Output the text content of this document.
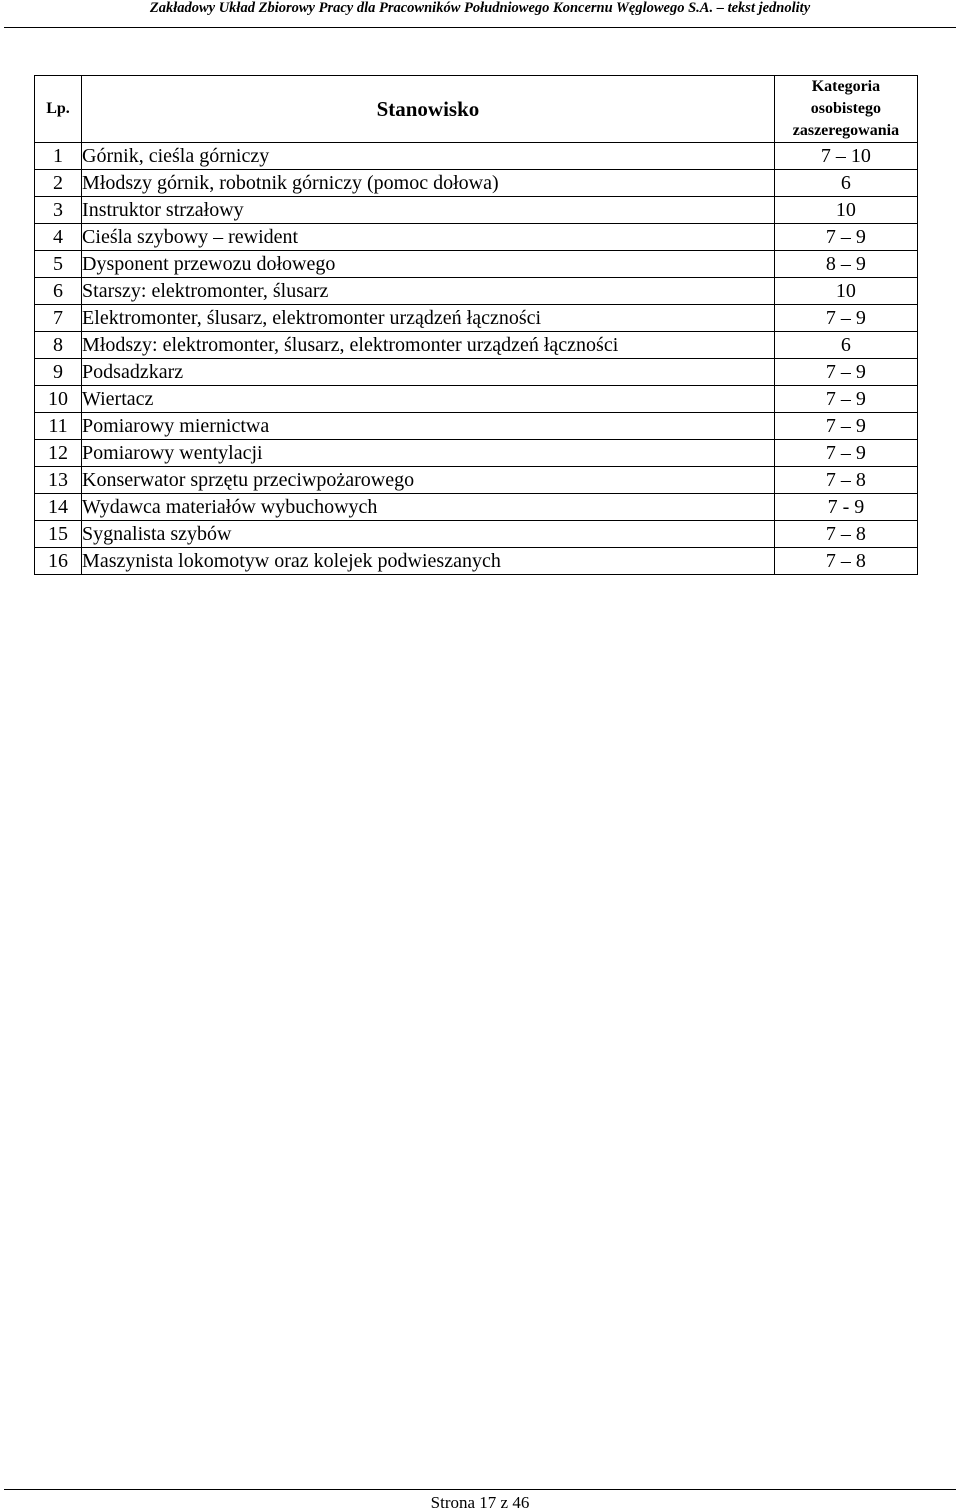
Zakładowy Układ Zbiorowy Pracy dla Pracowników Południowego Koncernu Węglowego S.A. – tekst jednolity
Lp.	Stanowisko	Kategoria osobistego zaszeregowania
1	Górnik, cieśla górniczy	7 – 10
2	Młodszy górnik, robotnik górniczy (pomoc dołowa)	6
3	Instruktor strzałowy	10
4	Cieśla szybowy – rewident	7 – 9
5	Dysponent przewozu dołowego	8 – 9
6	Starszy: elektromonter, ślusarz	10
7	Elektromonter, ślusarz, elektromonter urządzeń łączności	7 – 9
8	Młodszy: elektromonter, ślusarz, elektromonter urządzeń łączności	6
9	Podsadzkarz	7 – 9
10	Wiertacz	7 – 9
11	Pomiarowy miernictwa	7 – 9
12	Pomiarowy wentylacji	7 – 9
13	Konserwator sprzętu przeciwpożarowego	7 – 8
14	Wydawca materiałów wybuchowych	7 - 9
15	Sygnalista szybów	7 – 8
16	Maszynista lokomotyw oraz kolejek podwieszanych	7 – 8
Strona 17 z 46
